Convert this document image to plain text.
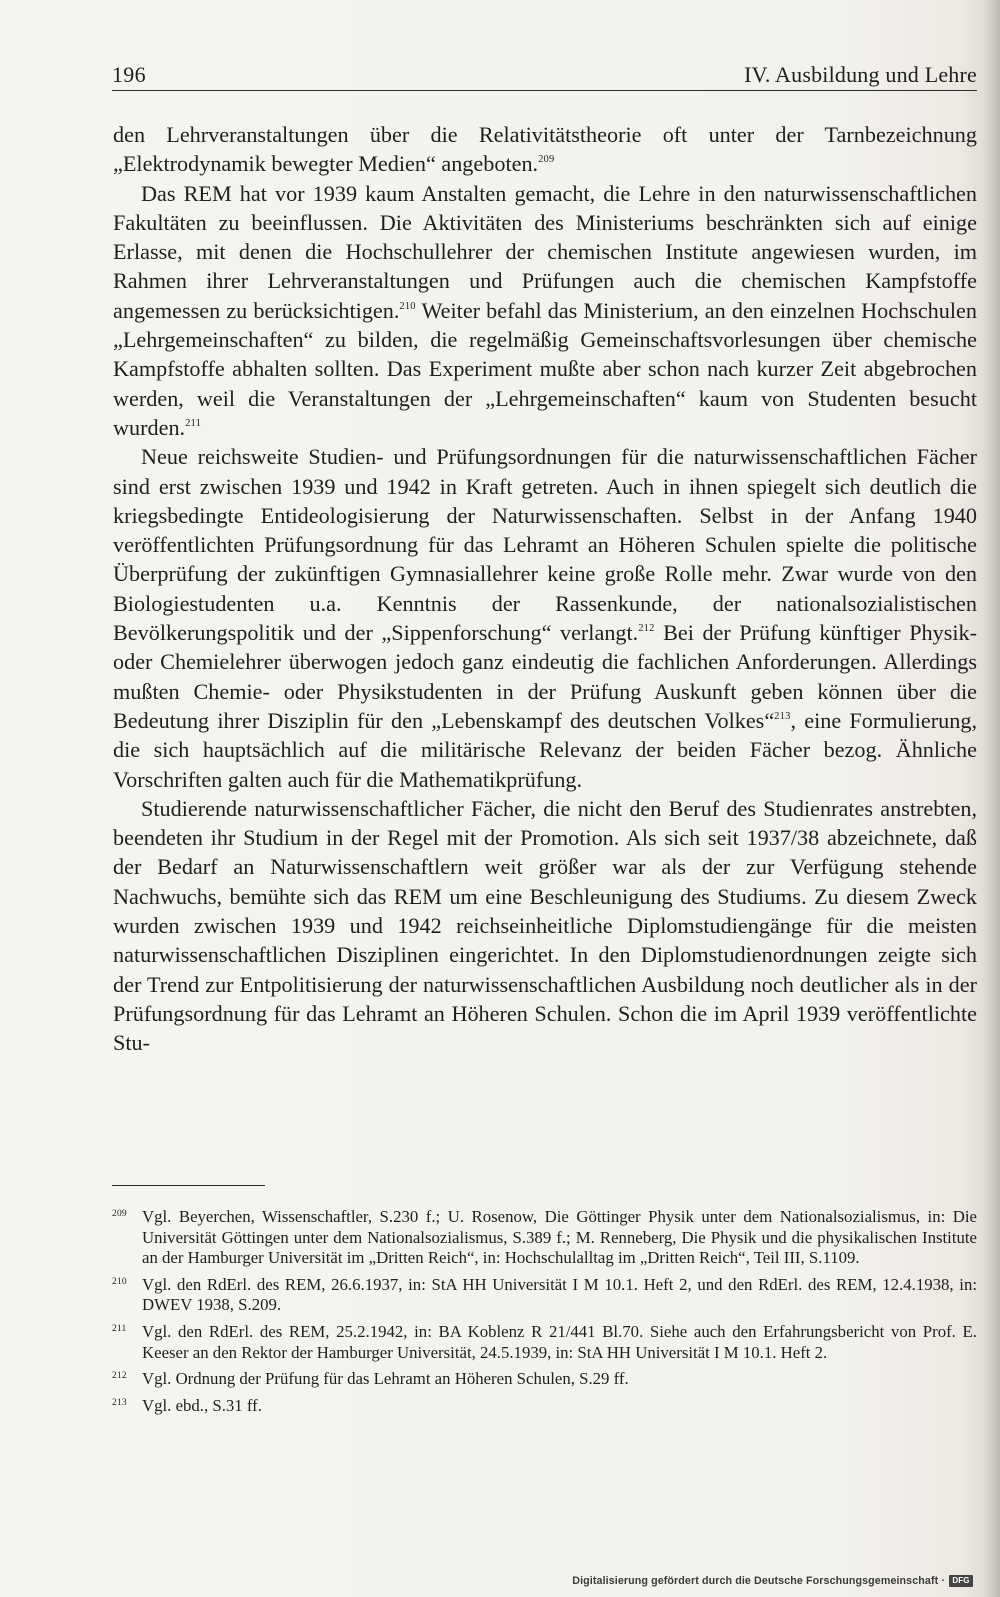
196	IV. Ausbildung und Lehre

den Lehrveranstaltungen über die Relativitätstheorie oft unter der Tarnbezeichnung „Elektrodynamik bewegter Medien“ angeboten.$^{209}$

Das REM hat vor 1939 kaum Anstalten gemacht, die Lehre in den naturwissenschaftlichen Fakultäten zu beeinflussen. Die Aktivitäten des Ministeriums beschränkten sich auf einige Erlasse, mit denen die Hochschullehrer der chemischen Institute angewiesen wurden, im Rahmen ihrer Lehrveranstaltungen und Prüfungen auch die chemischen Kampfstoffe angemessen zu berücksichtigen.$^{210}$ Weiter befahl das Ministerium, an den einzelnen Hochschulen „Lehrgemeinschaften“ zu bilden, die regelmäßig Gemeinschaftsvorlesungen über chemische Kampfstoffe abhalten sollten. Das Experiment mußte aber schon nach kurzer Zeit abgebrochen werden, weil die Veranstaltungen der „Lehrgemeinschaften“ kaum von Studenten besucht wurden.$^{211}$

Neue reichsweite Studien- und Prüfungsordnungen für die naturwissenschaftlichen Fächer sind erst zwischen 1939 und 1942 in Kraft getreten. Auch in ihnen spiegelt sich deutlich die kriegsbedingte Entideologisierung der Naturwissenschaften. Selbst in der Anfang 1940 veröffentlichten Prüfungsordnung für das Lehramt an Höheren Schulen spielte die politische Überprüfung der zukünftigen Gymnasiallehrer keine große Rolle mehr. Zwar wurde von den Biologiestudenten u.a. Kenntnis der Rassenkunde, der nationalsozialistischen Bevölkerungspolitik und der „Sippenforschung“ verlangt.$^{212}$ Bei der Prüfung künftiger Physik- oder Chemielehrer überwogen jedoch ganz eindeutig die fachlichen Anforderungen. Allerdings mußten Chemie- oder Physikstudenten in der Prüfung Auskunft geben können über die Bedeutung ihrer Disziplin für den „Lebenskampf des deutschen Volkes“$^{213}$, eine Formulierung, die sich hauptsächlich auf die militärische Relevanz der beiden Fächer bezog. Ähnliche Vorschriften galten auch für die Mathematikprüfung.

Studierende naturwissenschaftlicher Fächer, die nicht den Beruf des Studienrates anstrebten, beendeten ihr Studium in der Regel mit der Promotion. Als sich seit 1937/38 abzeichnete, daß der Bedarf an Naturwissenschaftlern weit größer war als der zur Verfügung stehende Nachwuchs, bemühte sich das REM um eine Beschleunigung des Studiums. Zu diesem Zweck wurden zwischen 1939 und 1942 reichseinheitliche Diplomstudiengänge für die meisten naturwissenschaftlichen Disziplinen eingerichtet. In den Diplomstudienordnungen zeigte sich der Trend zur Entpolitisierung der naturwissenschaftlichen Ausbildung noch deutlicher als in der Prüfungsordnung für das Lehramt an Höheren Schulen. Schon die im April 1939 veröffentlichte Stu-

209 Vgl. Beyerchen, Wissenschaftler, S.230 f.; U. Rosenow, Die Göttinger Physik unter dem Nationalsozialismus, in: Die Universität Göttingen unter dem Nationalsozialismus, S.389 f.; M. Renneberg, Die Physik und die physikalischen Institute an der Hamburger Universität im „Dritten Reich“, in: Hochschulalltag im „Dritten Reich“, Teil III, S.1109.
210 Vgl. den RdErl. des REM, 26.6.1937, in: StA HH Universität I M 10.1. Heft 2, und den RdErl. des REM, 12.4.1938, in: DWEV 1938, S.209.
211 Vgl. den RdErl. des REM, 25.2.1942, in: BA Koblenz R 21/441 Bl.70. Siehe auch den Erfahrungsbericht von Prof. E. Keeser an den Rektor der Hamburger Universität, 24.5.1939, in: StA HH Universität I M 10.1. Heft 2.
212 Vgl. Ordnung der Prüfung für das Lehramt an Höheren Schulen, S.29 ff.
213 Vgl. ebd., S.31 ff.
Digitalisierung gefördert durch die Deutsche Forschungsgemeinschaft · DFG
